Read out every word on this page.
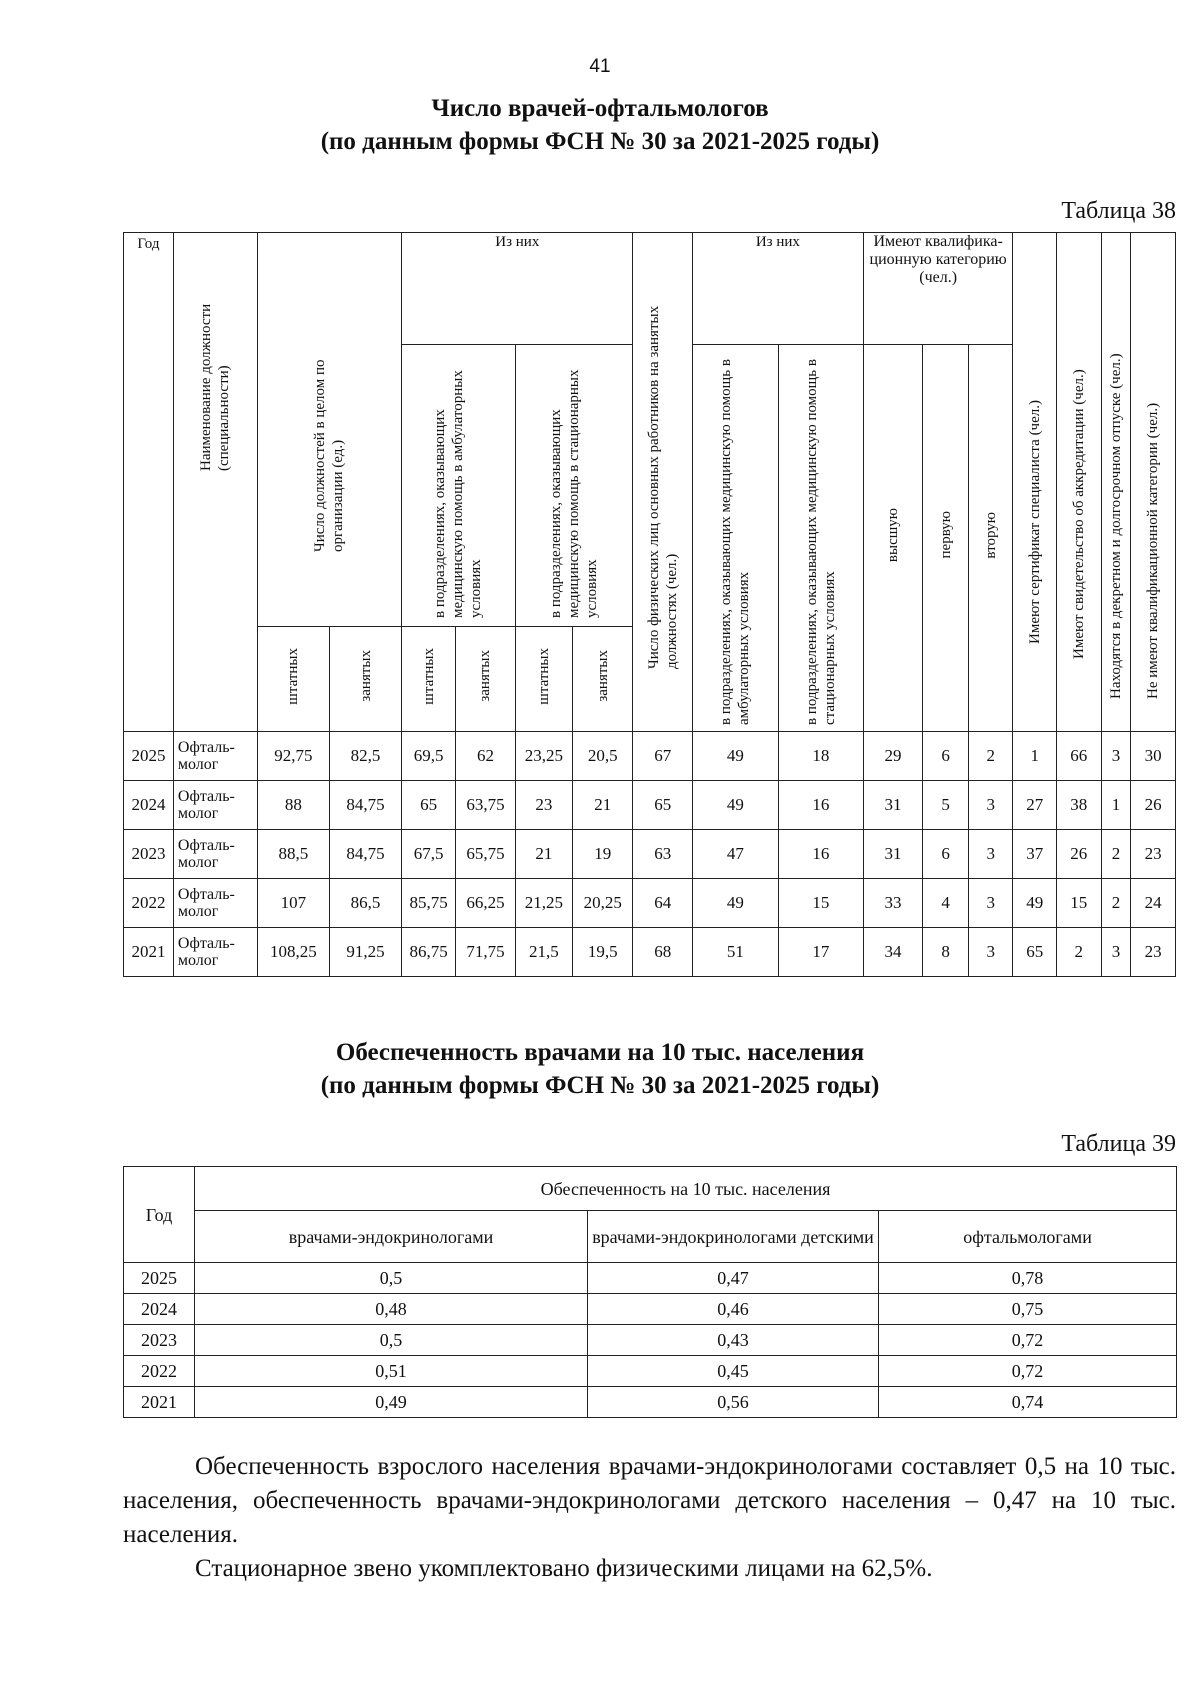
41
Число врачей-офтальмологов
(по данным формы ФСН № 30 за 2021-2025 годы)
Таблица 38
Год	Наименование должности (специальности)	Число должностей в целом по организации (ед.)		Из них				Число физических лиц основных работников на занятых должностях (чел.)	Из них		Имеют квалифика-ционную категорию (чел.)			Имеют сертификат специалиста (чел.)	Имеют свидетельство об аккредитации (чел.)	Находятся в декретном и долгосрочном отпуске (чел.)	Не имеют квалификационной категории (чел.)

				в подразделениях, оказывающих медицинскую помощь в амбулаторных условиях		в подразделениях, оказывающих медицинскую помощь в стационарных условиях			в подразделениях, оказывающих медицинскую помощь в амбулаторных условиях	в подразделениях, оказывающих медицинскую помощь в стационарных условиях	высшую	первую	вторую				

		штатных	занятых	штатных	занятых	штатных	занятых										

2025	Офталь-молог	92,75	82,5	69,5	62	23,25	20,5	67	49	18	29	6	2	1	66	3	30
2024	Офталь-молог	88	84,75	65	63,75	23	21	65	49	16	31	5	3	27	38	1	26
2023	Офталь-молог	88,5	84,75	67,5	65,75	21	19	63	47	16	31	6	3	37	26	2	23
2022	Офталь-молог	107	86,5	85,75	66,25	21,25	20,25	64	49	15	33	4	3	49	15	2	24
2021	Офталь-молог	108,25	91,25	86,75	71,75	21,5	19,5	68	51	17	34	8	3	65	2	3	23
Обеспеченность врачами на 10 тыс. населения
(по данным формы ФСН № 30 за 2021-2025 годы)
Таблица 39
Год	Обеспеченность на 10 тыс. населения		
	врачами-эндокринологами	врачами-эндокринологами детскими	офтальмологами
2025	0,5	0,47	0,78
2024	0,48	0,46	0,75
2023	0,5	0,43	0,72
2022	0,51	0,45	0,72
2021	0,49	0,56	0,74

Обеспеченность взрослого населения врачами-эндокринологами составляет 0,5 на 10 тыс. населения, обеспеченность врачами-эндокринологами детского населения – 0,47 на 10 тыс. населения.

Стационарное звено укомплектовано физическими лицами на 62,5%.
